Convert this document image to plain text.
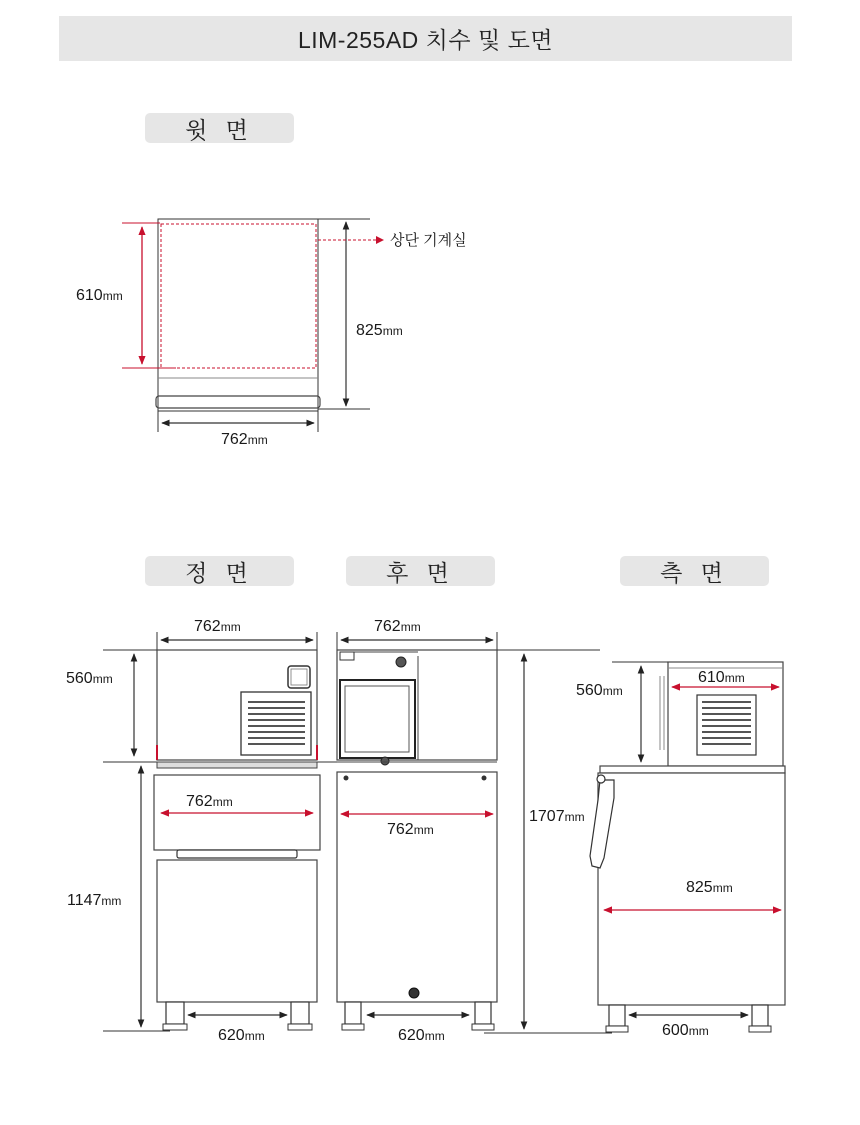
LIM-255AD 치수 및 도면
윗 면
정 면	후 면	측 면
상단 기계실
610mm
825mm
762mm
762mm
560mm
762mm
1147mm
620mm
762mm
762mm
620mm
1707mm
610mm
560mm
825mm
600mm
